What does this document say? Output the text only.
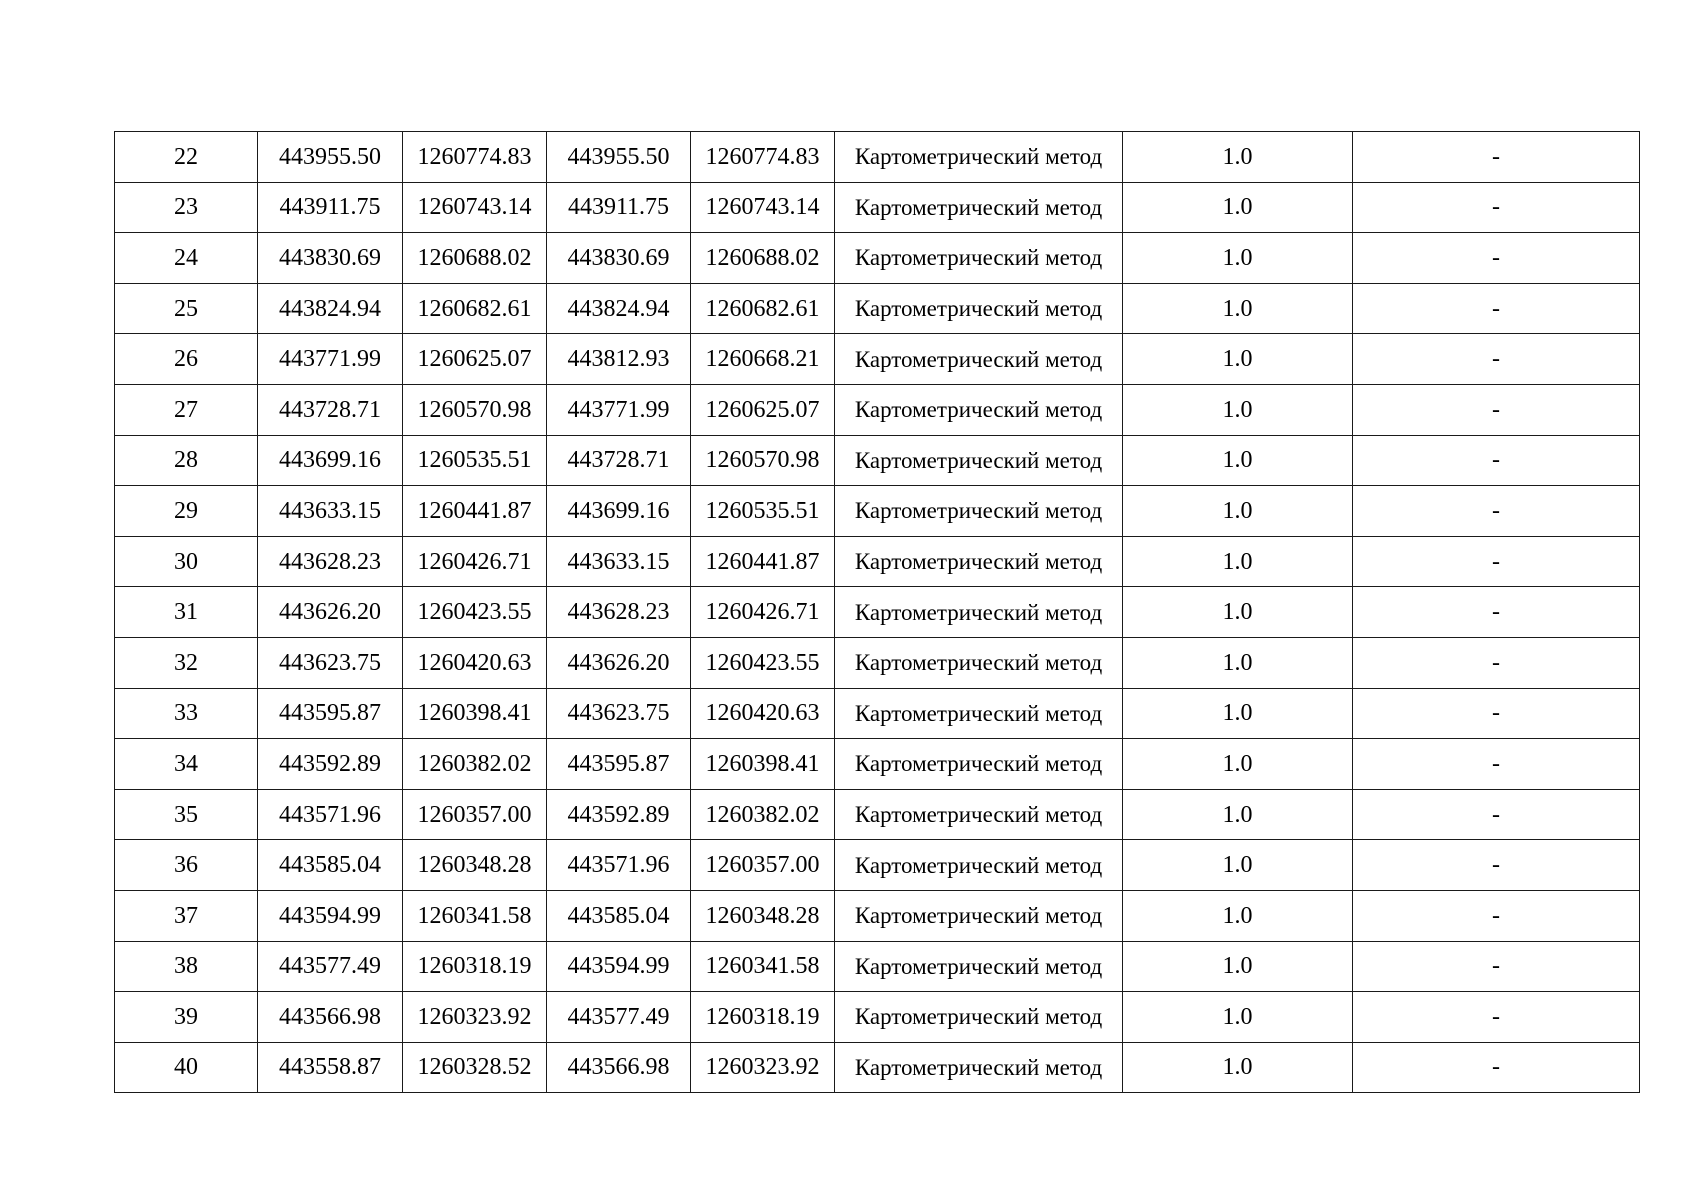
22	443955.50	1260774.83	443955.50	1260774.83	Картометрический метод	1.0	-
23	443911.75	1260743.14	443911.75	1260743.14	Картометрический метод	1.0	-
24	443830.69	1260688.02	443830.69	1260688.02	Картометрический метод	1.0	-
25	443824.94	1260682.61	443824.94	1260682.61	Картометрический метод	1.0	-
26	443771.99	1260625.07	443812.93	1260668.21	Картометрический метод	1.0	-
27	443728.71	1260570.98	443771.99	1260625.07	Картометрический метод	1.0	-
28	443699.16	1260535.51	443728.71	1260570.98	Картометрический метод	1.0	-
29	443633.15	1260441.87	443699.16	1260535.51	Картометрический метод	1.0	-
30	443628.23	1260426.71	443633.15	1260441.87	Картометрический метод	1.0	-
31	443626.20	1260423.55	443628.23	1260426.71	Картометрический метод	1.0	-
32	443623.75	1260420.63	443626.20	1260423.55	Картометрический метод	1.0	-
33	443595.87	1260398.41	443623.75	1260420.63	Картометрический метод	1.0	-
34	443592.89	1260382.02	443595.87	1260398.41	Картометрический метод	1.0	-
35	443571.96	1260357.00	443592.89	1260382.02	Картометрический метод	1.0	-
36	443585.04	1260348.28	443571.96	1260357.00	Картометрический метод	1.0	-
37	443594.99	1260341.58	443585.04	1260348.28	Картометрический метод	1.0	-
38	443577.49	1260318.19	443594.99	1260341.58	Картометрический метод	1.0	-
39	443566.98	1260323.92	443577.49	1260318.19	Картометрический метод	1.0	-
40	443558.87	1260328.52	443566.98	1260323.92	Картометрический метод	1.0	-
